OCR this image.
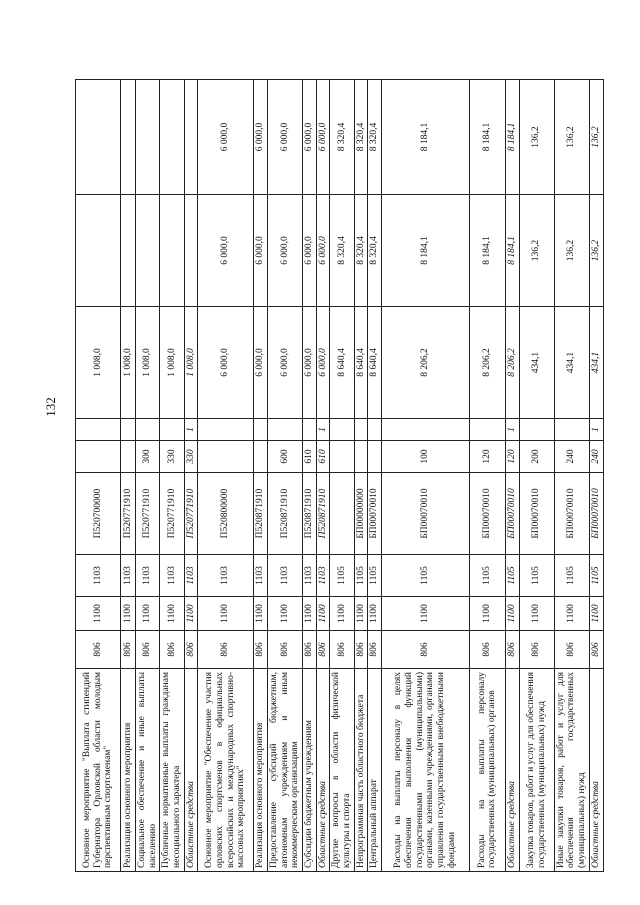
132
Основное мероприятие "Выплата стипендий Губернатора Орловской области молодым перспективным спортсменам"	806	1100	1103	П520700000			1 008,0		
Реализация основного мероприятия	806	1100	1103	П520771910			1 008,0		
Социальное обеспечение и иные выплаты населению	806	1100	1103	П520771910	300		1 008,0		
Публичные нормативные выплаты гражданам несоциального характера	806	1100	1103	П520771910	330		1 008,0		
Областные средства	806	1100	1103	П520771910	330	1	1 008,0		
Основное мероприятие "Обеспечение участия орловских спортсменов в официальных всероссийских и международных спортивно-массовых мероприятиях"	806	1100	1103	П520800000			6 000,0	6 000,0	6 000,0
Реализация основного мероприятия	806	1100	1103	П520871910			6 000,0	6 000,0	6 000,0
Предоставление субсидий бюджетным, автономным учреждениям и иным некоммерческим организациям	806	1100	1103	П520871910	600		6 000,0	6 000,0	6 000,0
Субсидии бюджетным учреждениям	806	1100	1103	П520871910	610		6 000,0	6 000,0	6 000,0
Областные средства	806	1100	1103	П520871910	610	1	6 000,0	6 000,0	6 000,0
Другие вопросы в области физической культуры и спорта	806	1100	1105				8 640,4	8 320,4	8 320,4
Непрограммная часть областного бюджета	806	1100	1105	БП00000000			8 640,4	8 320,4	8 320,4
Центральный аппарат	806	1100	1105	БП00070010			8 640,4	8 320,4	8 320,4
Расходы на выплаты персоналу в целях обеспечения выполнения функций государственными (муниципальными) органами, казенными учреждениями, органами управления государственными внебюджетными фондами	806	1100	1105	БП00070010	100		8 206,2	8 184,1	8 184,1
Расходы на выплаты персоналу государственных (муниципальных) органов	806	1100	1105	БП00070010	120		8 206,2	8 184,1	8 184,1
Областные средства	806	1100	1105	БП00070010	120	1	8 206,2	8 184,1	8 184,1
Закупка товаров, работ и услуг для обеспечения государственных (муниципальных) нужд	806	1100	1105	БП00070010	200		434,1	136,2	136,2
Иные закупки товаров, работ и услуг для обеспечения государственных (муниципальных) нужд	806	1100	1105	БП00070010	240		434,1	136,2	136,2
Областные средства	806	1100	1105	БП00070010	240	1	434,1	136,2	136,2
